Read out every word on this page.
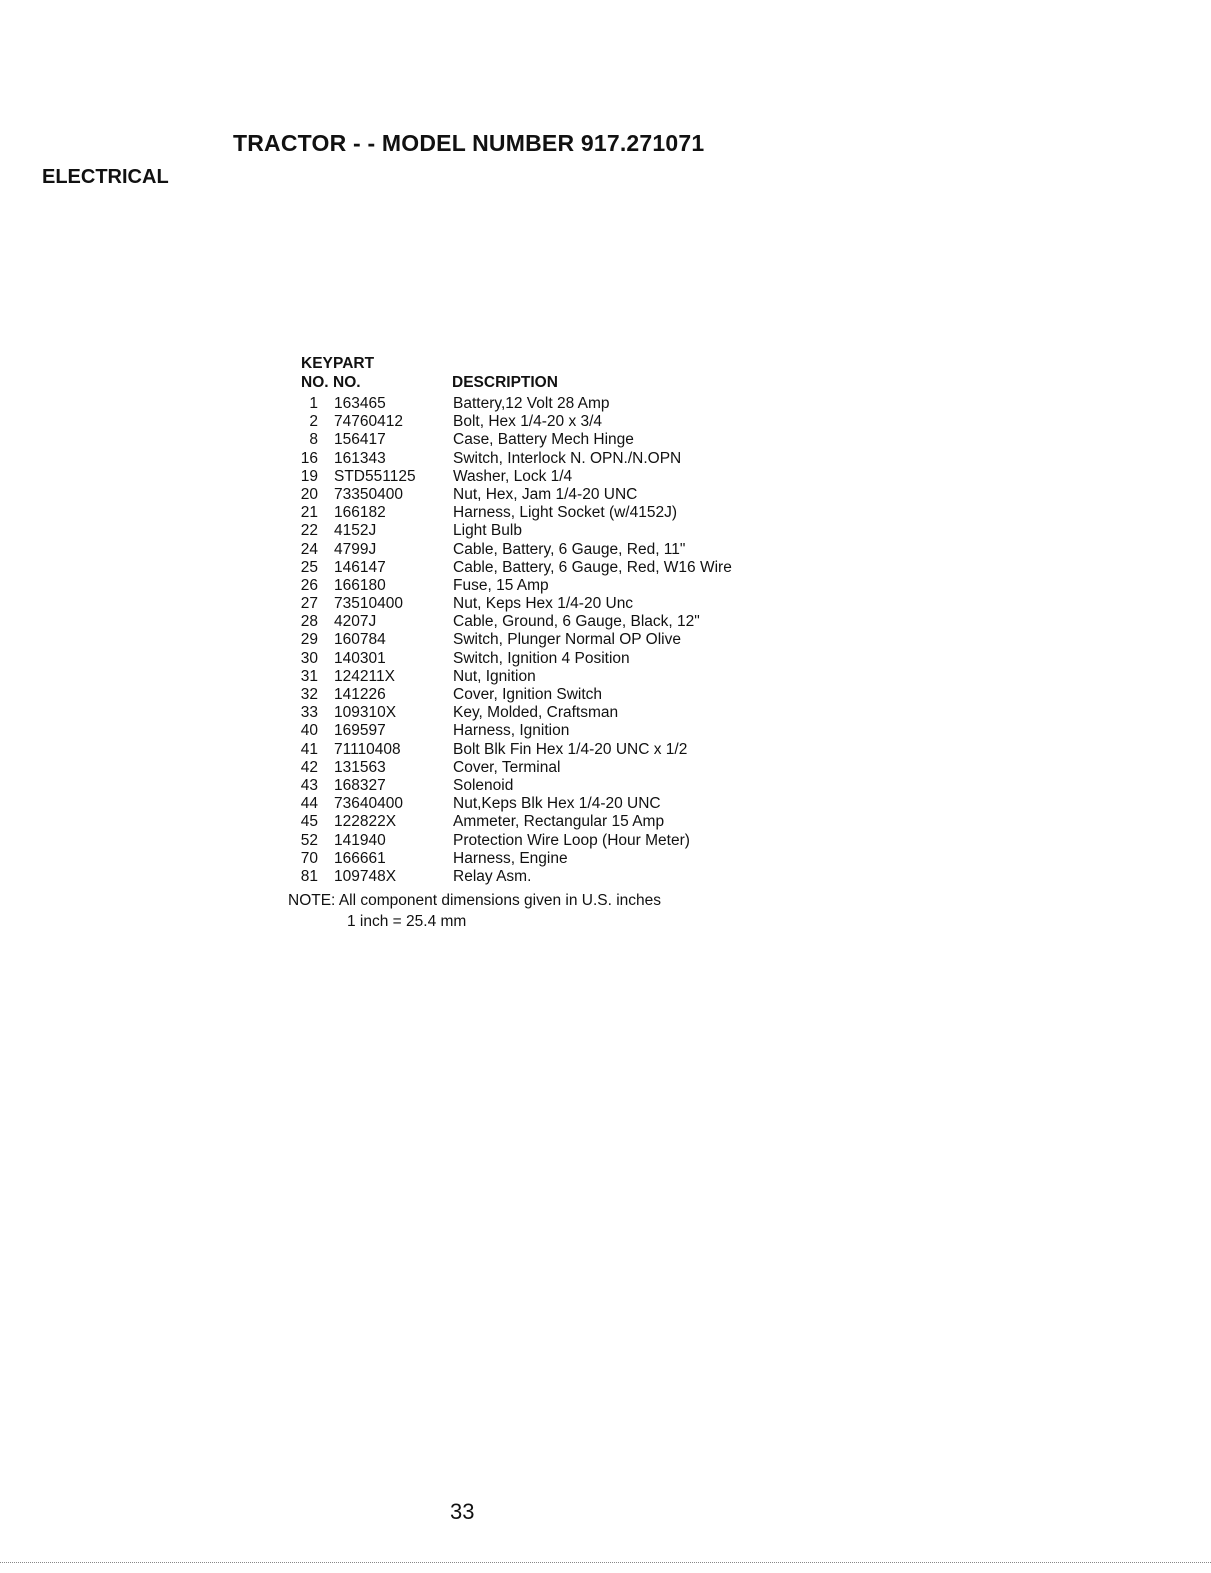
TRACTOR - - MODEL NUMBER 917.271071
ELECTRICAL
KEY PART
NO. NO.	DESCRIPTION
1 163465	Battery,12 Volt 28 Amp
2 74760412	Bolt, Hex 1/4-20 x 3/4
8 156417	Case, Battery Mech Hinge
16 161343	Switch, Interlock N. OPN./N.OPN
19 STD551125 Washer, Lock 1/4
20 73350400	Nut, Hex, Jam 1/4-20 UNC
21 166182	Harness, Light Socket (w/4152J)
22 4152J	Light Bulb
24 4799J	Cable, Battery, 6 Gauge, Red, 11"
25 146147	Cable, Battery, 6 Gauge, Red, W16 Wire
26 166180	Fuse, 15 Amp
27 73510400	Nut, Keps Hex 1/4-20 Unc
28 4207J	Cable, Ground, 6 Gauge, Black, 12"
29 160784	Switch, Plunger Normal OP Olive
30 140301	Switch, Ignition 4 Position
31 124211X	Nut, Ignition
32 141226	Cover, Ignition Switch
33 109310X	Key, Molded, Craftsman
40 169597	Harness, Ignition
41 71110408	Bolt Blk Fin Hex 1/4-20 UNC x 1/2
42 131563	Cover, Terminal
43 168327	Solenoid
44 73640400	Nut,Keps Blk Hex 1/4-20 UNC
45 122822X	Ammeter, Rectangular 15 Amp
52 141940	Protection Wire Loop (Hour Meter)
70 166661	Harness, Engine
81 109748X	Relay Asm.
NOTE: All component dimensions given in U.S. inches
1 inch = 25.4 mm
33
